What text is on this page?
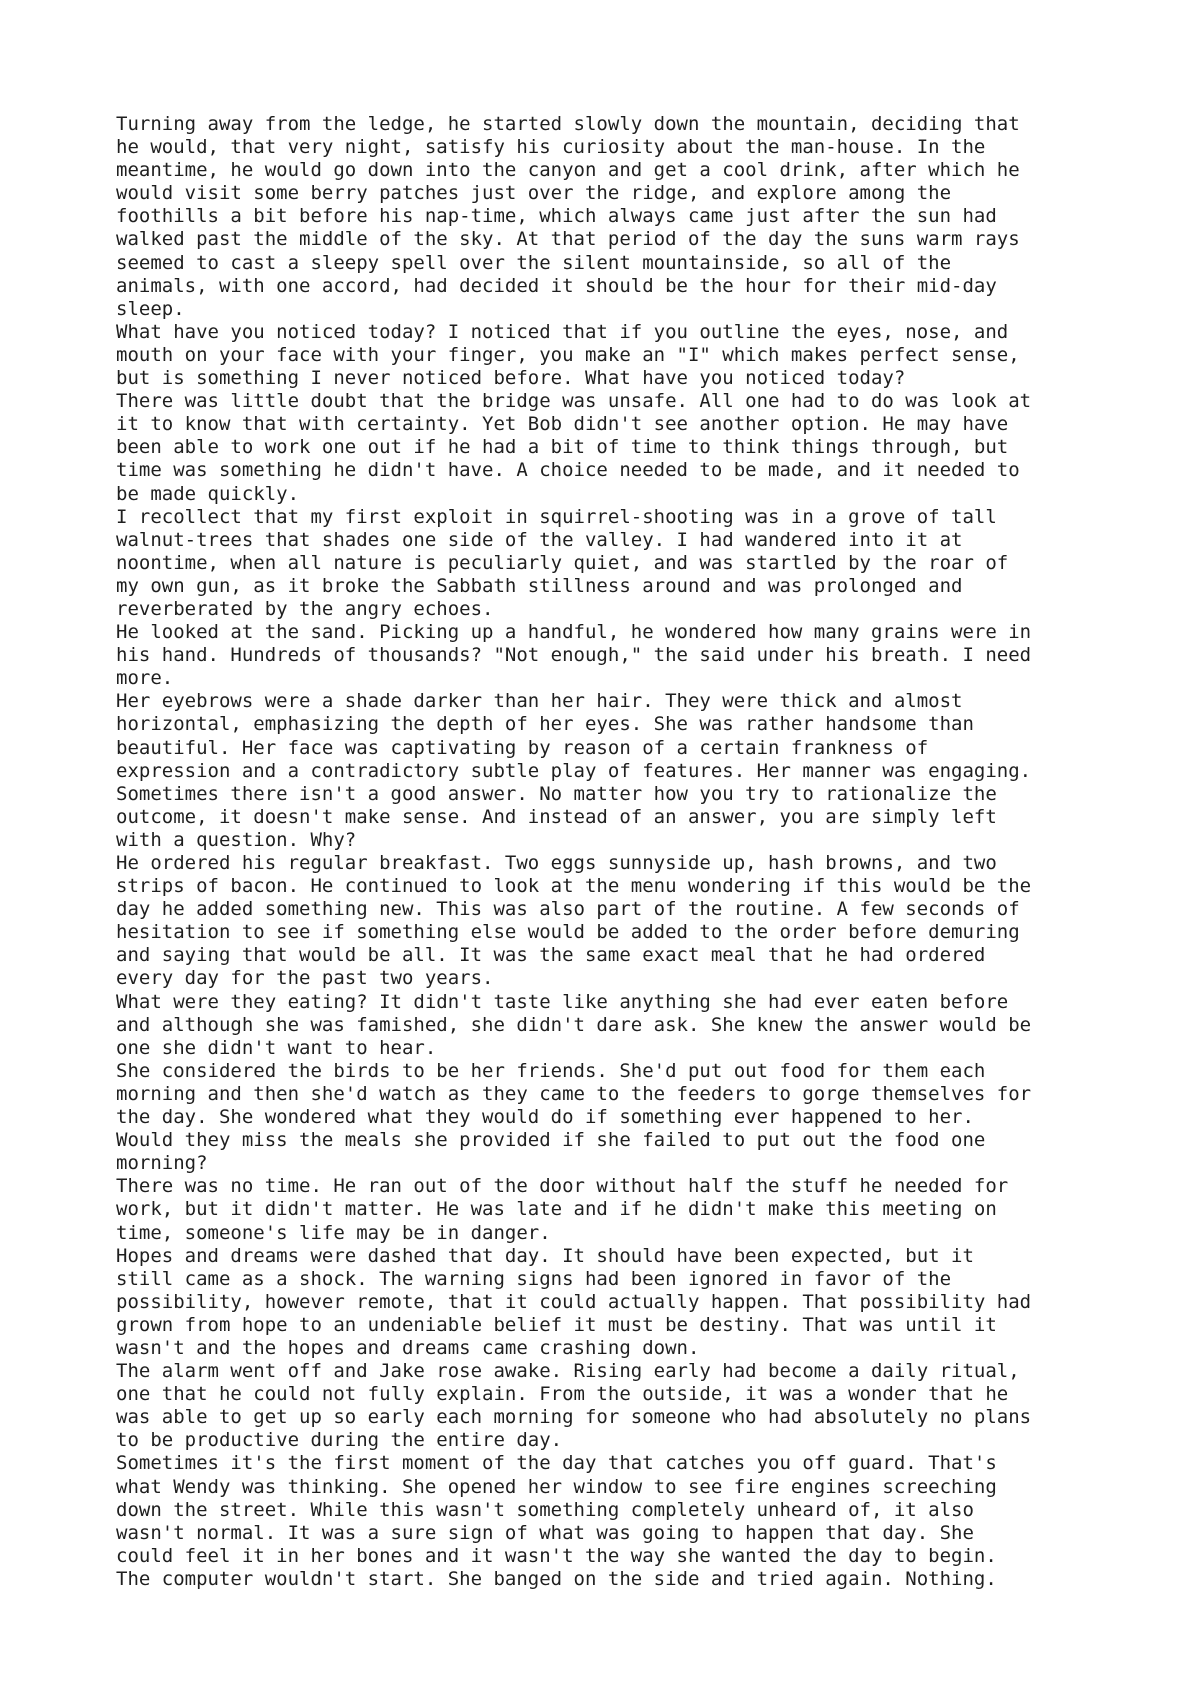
Turning away from the ledge, he started slowly down the mountain, deciding that
he would, that very night, satisfy his curiosity about the man-house. In the
meantime, he would go down into the canyon and get a cool drink, after which he
would visit some berry patches just over the ridge, and explore among the
foothills a bit before his nap-time, which always came just after the sun had
walked past the middle of the sky. At that period of the day the suns warm rays
seemed to cast a sleepy spell over the silent mountainside, so all of the
animals, with one accord, had decided it should be the hour for their mid-day
sleep.
What have you noticed today? I noticed that if you outline the eyes, nose, and
mouth on your face with your finger, you make an "I" which makes perfect sense,
but is something I never noticed before. What have you noticed today?
There was little doubt that the bridge was unsafe. All one had to do was look at
it to know that with certainty. Yet Bob didn't see another option. He may have
been able to work one out if he had a bit of time to think things through, but
time was something he didn't have. A choice needed to be made, and it needed to
be made quickly.
I recollect that my first exploit in squirrel-shooting was in a grove of tall
walnut-trees that shades one side of the valley. I had wandered into it at
noontime, when all nature is peculiarly quiet, and was startled by the roar of
my own gun, as it broke the Sabbath stillness around and was prolonged and
reverberated by the angry echoes.
He looked at the sand. Picking up a handful, he wondered how many grains were in
his hand. Hundreds of thousands? "Not enough," the said under his breath. I need
more.
Her eyebrows were a shade darker than her hair. They were thick and almost
horizontal, emphasizing the depth of her eyes. She was rather handsome than
beautiful. Her face was captivating by reason of a certain frankness of
expression and a contradictory subtle play of features. Her manner was engaging.
Sometimes there isn't a good answer. No matter how you try to rationalize the
outcome, it doesn't make sense. And instead of an answer, you are simply left
with a question. Why?
He ordered his regular breakfast. Two eggs sunnyside up, hash browns, and two
strips of bacon. He continued to look at the menu wondering if this would be the
day he added something new. This was also part of the routine. A few seconds of
hesitation to see if something else would be added to the order before demuring
and saying that would be all. It was the same exact meal that he had ordered
every day for the past two years.
What were they eating? It didn't taste like anything she had ever eaten before
and although she was famished, she didn't dare ask. She knew the answer would be
one she didn't want to hear.
She considered the birds to be her friends. She'd put out food for them each
morning and then she'd watch as they came to the feeders to gorge themselves for
the day. She wondered what they would do if something ever happened to her.
Would they miss the meals she provided if she failed to put out the food one
morning?
There was no time. He ran out of the door without half the stuff he needed for
work, but it didn't matter. He was late and if he didn't make this meeting on
time, someone's life may be in danger.
Hopes and dreams were dashed that day. It should have been expected, but it
still came as a shock. The warning signs had been ignored in favor of the
possibility, however remote, that it could actually happen. That possibility had
grown from hope to an undeniable belief it must be destiny. That was until it
wasn't and the hopes and dreams came crashing down.
The alarm went off and Jake rose awake. Rising early had become a daily ritual,
one that he could not fully explain. From the outside, it was a wonder that he
was able to get up so early each morning for someone who had absolutely no plans
to be productive during the entire day.
Sometimes it's the first moment of the day that catches you off guard. That's
what Wendy was thinking. She opened her window to see fire engines screeching
down the street. While this wasn't something completely unheard of, it also
wasn't normal. It was a sure sign of what was going to happen that day. She
could feel it in her bones and it wasn't the way she wanted the day to begin.
The computer wouldn't start. She banged on the side and tried again. Nothing.
